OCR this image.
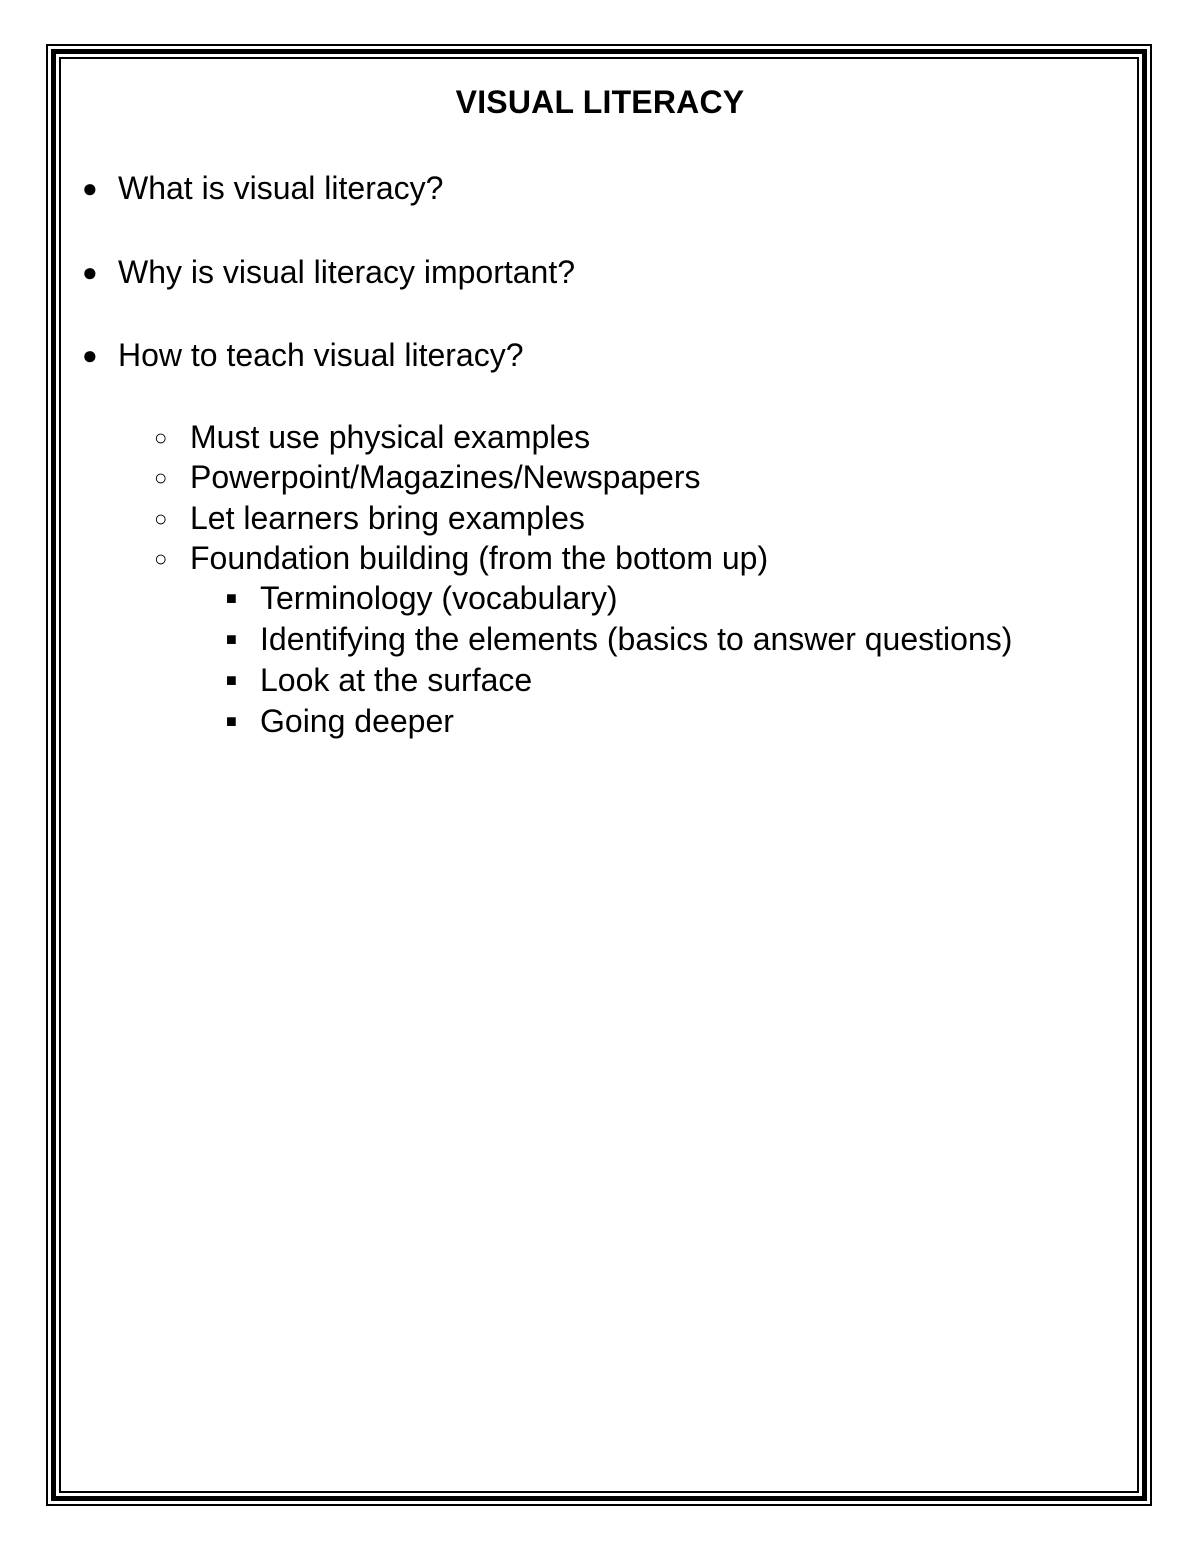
VISUAL LITERACY
● What is visual literacy?
● Why is visual literacy important?
● How to teach visual literacy?
○ Must use physical examples
○ Powerpoint/Magazines/Newspapers
○ Let learners bring examples
○ Foundation building (from the bottom up)
■ Terminology (vocabulary)
■ Identifying the elements (basics to answer questions)
■ Look at the surface
■ Going deeper
